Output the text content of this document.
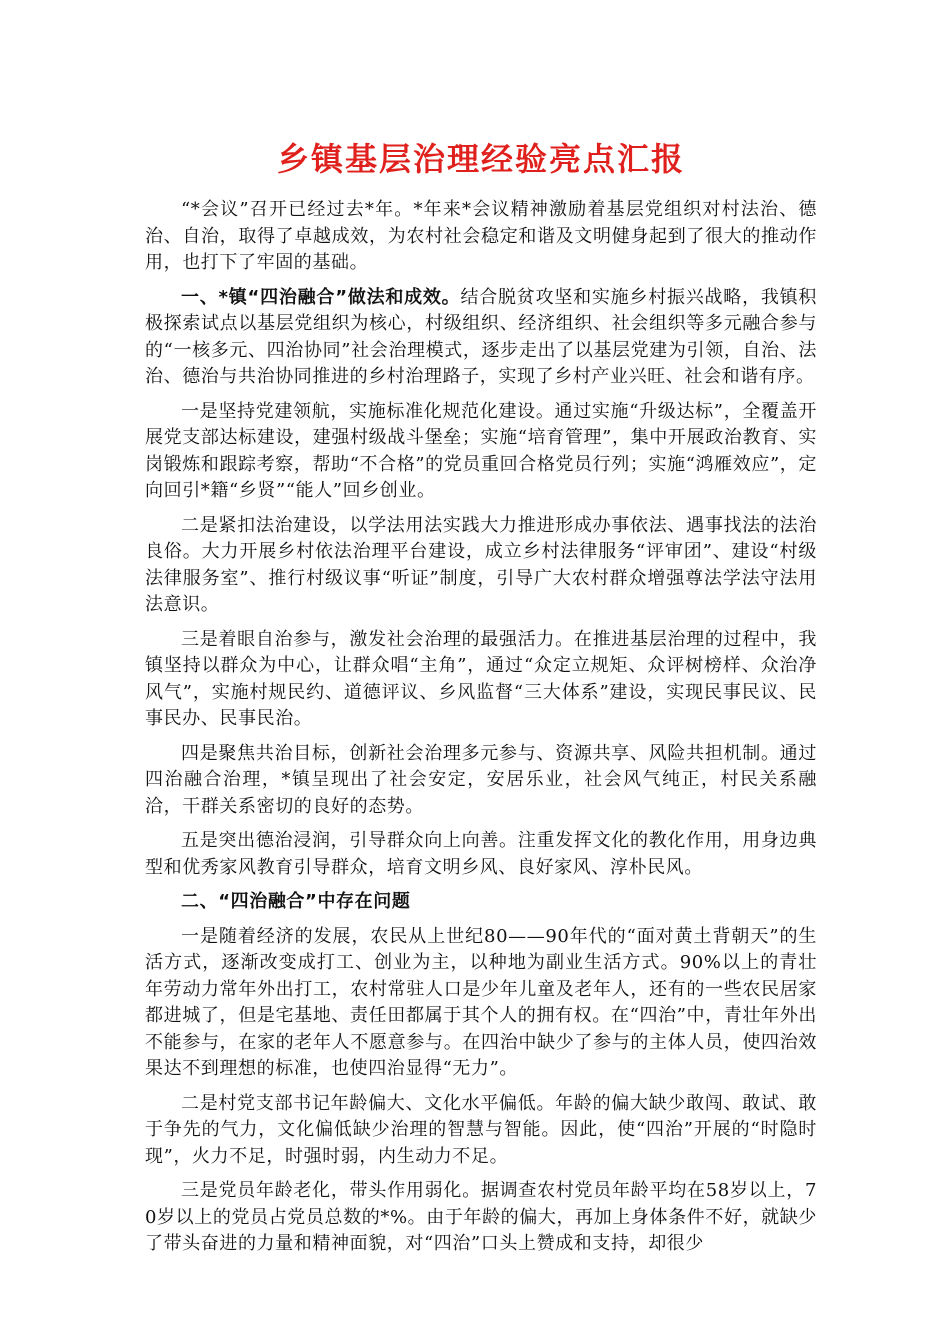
乡镇基层治理经验亮点汇报

“*会议”召开已经过去*年。*年来*会议精神激励着基层党组织对村法治、德治、自治，取得了卓越成效，为农村社会稳定和谐及文明健身起到了很大的推动作用，也打下了牢固的基础。

一、*镇“四治融合”做法和成效。结合脱贫攻坚和实施乡村振兴战略，我镇积极探索试点以基层党组织为核心，村级组织、经济组织、社会组织等多元融合参与的“一核多元、四治协同”社会治理模式，逐步走出了以基层党建为引领，自治、法治、德治与共治协同推进的乡村治理路子，实现了乡村产业兴旺、社会和谐有序。

一是坚持党建领航，实施标准化规范化建设。通过实施“升级达标”，全覆盖开展党支部达标建设，建强村级战斗堡垒；实施“培育管理”，集中开展政治教育、实岗锻炼和跟踪考察，帮助“不合格”的党员重回合格党员行列；实施“鸿雁效应”，定向回引*籍“乡贤”“能人”回乡创业。

二是紧扣法治建设，以学法用法实践大力推进形成办事依法、遇事找法的法治良俗。大力开展乡村依法治理平台建设，成立乡村法律服务“评审团”、建设“村级法律服务室”、推行村级议事“听证”制度，引导广大农村群众增强尊法学法守法用法意识。

三是着眼自治参与，激发社会治理的最强活力。在推进基层治理的过程中，我镇坚持以群众为中心，让群众唱“主角”，通过“众定立规矩、众评树榜样、众治净风气”，实施村规民约、道德评议、乡风监督“三大体系”建设，实现民事民议、民事民办、民事民治。

四是聚焦共治目标，创新社会治理多元参与、资源共享、风险共担机制。通过四治融合治理，*镇呈现出了社会安定，安居乐业，社会风气纯正，村民关系融洽，干群关系密切的良好的态势。

五是突出德治浸润，引导群众向上向善。注重发挥文化的教化作用，用身边典型和优秀家风教育引导群众，培育文明乡风、良好家风、淳朴民风。

二、“四治融合”中存在问题

一是随着经济的发展，农民从上世纪80——90年代的“面对黄土背朝天”的生活方式，逐渐改变成打工、创业为主，以种地为副业生活方式。90%以上的青壮年劳动力常年外出打工，农村常驻人口是少年儿童及老年人，还有的一些农民居家都进城了，但是宅基地、责任田都属于其个人的拥有权。在“四治”中，青壮年外出不能参与，在家的老年人不愿意参与。在四治中缺少了参与的主体人员，使四治效果达不到理想的标准，也使四治显得“无力”。

二是村党支部书记年龄偏大、文化水平偏低。年龄的偏大缺少敢闯、敢试、敢于争先的气力，文化偏低缺少治理的智慧与智能。因此，使“四治”开展的“时隐时现”，火力不足，时强时弱，内生动力不足。

三是党员年龄老化，带头作用弱化。据调查农村党员年龄平均在58岁以上，70岁以上的党员占党员总数的*%。由于年龄的偏大，再加上身体条件不好，就缺少了带头奋进的力量和精神面貌，对“四治”口头上赞成和支持，却很少
